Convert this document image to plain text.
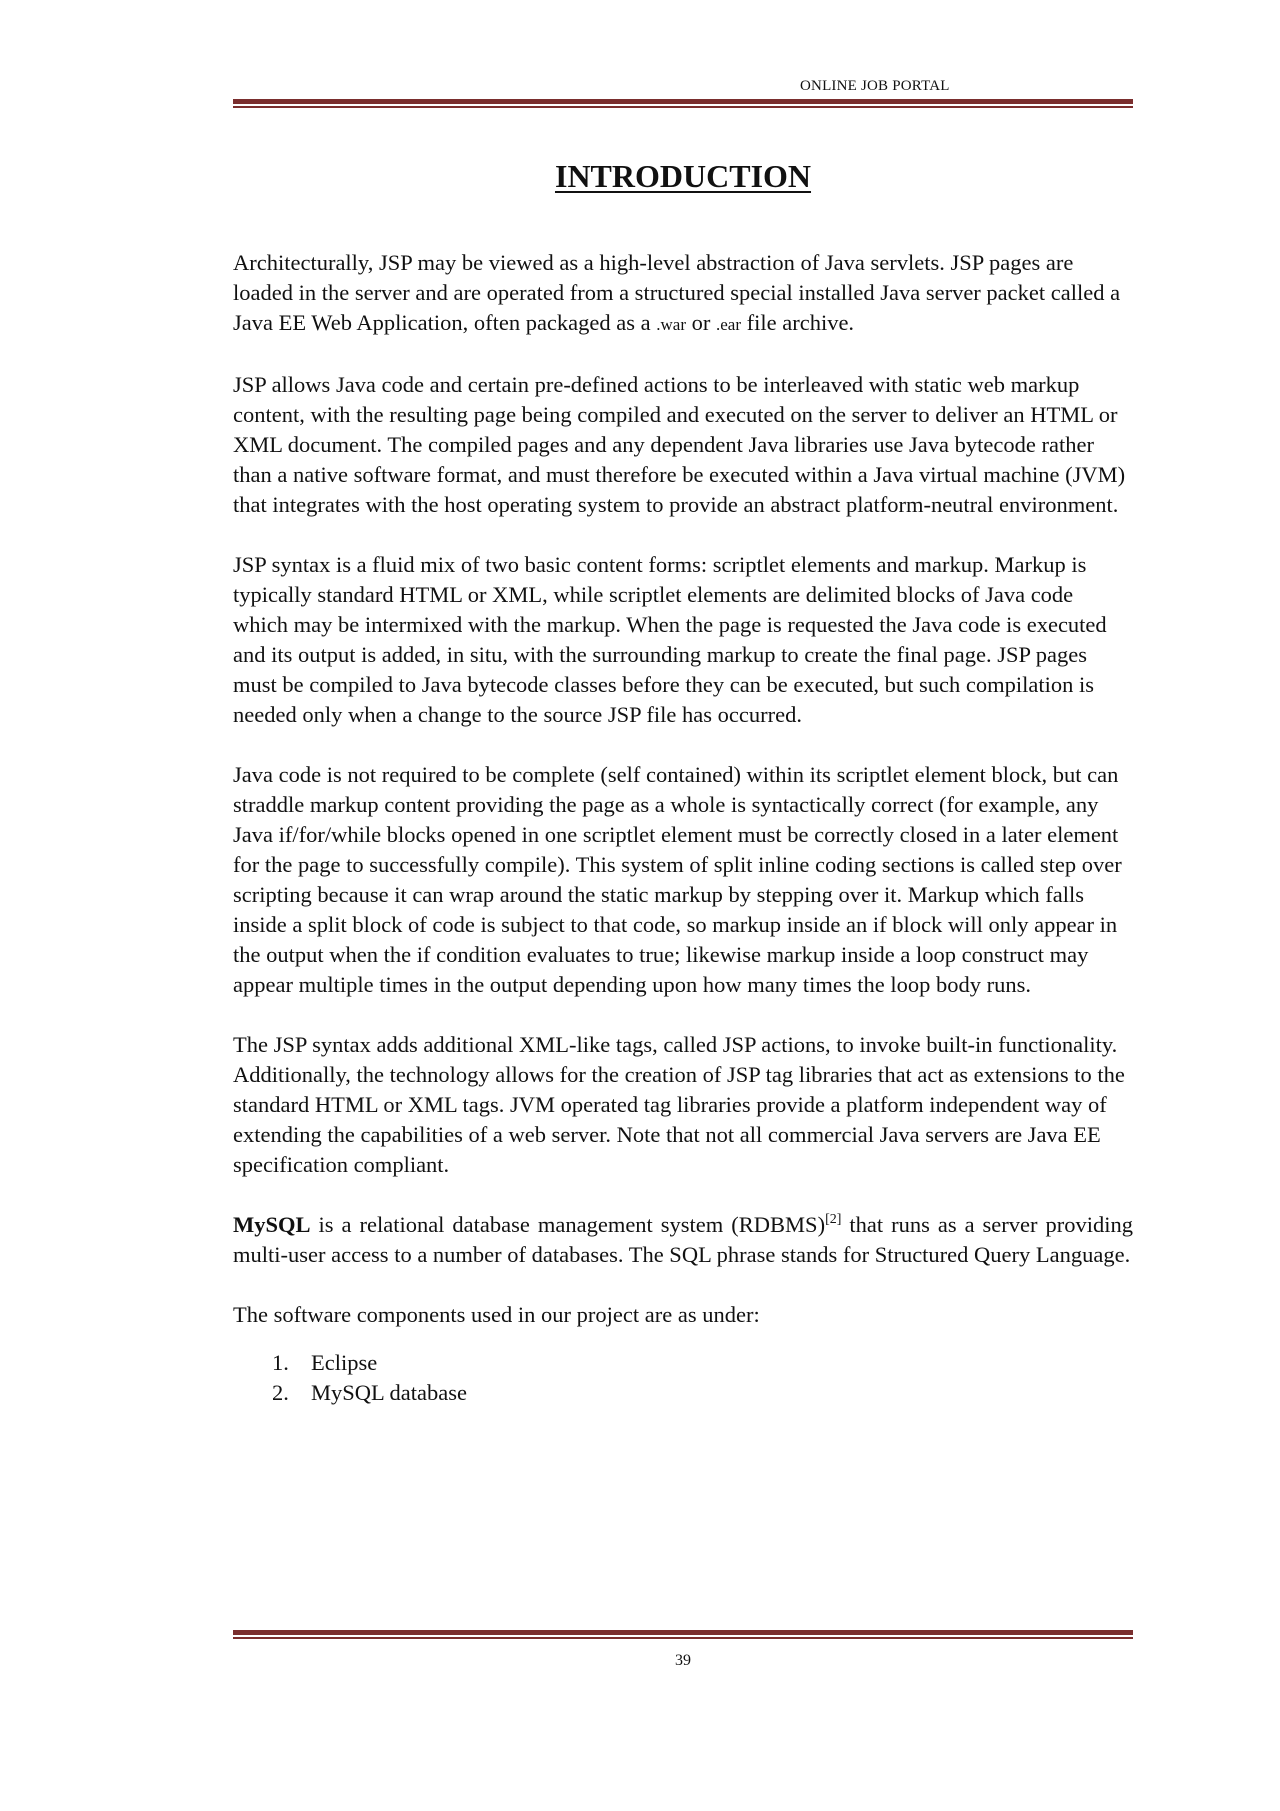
ONLINE JOB PORTAL
INTRODUCTION

Architecturally, JSP may be viewed as a high-level abstraction of Java servlets. JSP pages are loaded in the server and are operated from a structured special installed Java server packet called a Java EE Web Application, often packaged as a .war or .ear file archive.

JSP allows Java code and certain pre-defined actions to be interleaved with static web markup content, with the resulting page being compiled and executed on the server to deliver an HTML or XML document. The compiled pages and any dependent Java libraries use Java bytecode rather than a native software format, and must therefore be executed within a Java virtual machine (JVM) that integrates with the host operating system to provide an abstract platform-neutral environment.

JSP syntax is a fluid mix of two basic content forms: scriptlet elements and markup. Markup is typically standard HTML or XML, while scriptlet elements are delimited blocks of Java code which may be intermixed with the markup. When the page is requested the Java code is executed and its output is added, in situ, with the surrounding markup to create the final page. JSP pages must be compiled to Java bytecode classes before they can be executed, but such compilation is needed only when a change to the source JSP file has occurred.

Java code is not required to be complete (self contained) within its scriptlet element block, but can straddle markup content providing the page as a whole is syntactically correct (for example, any Java if/for/while blocks opened in one scriptlet element must be correctly closed in a later element for the page to successfully compile). This system of split inline coding sections is called step over scripting because it can wrap around the static markup by stepping over it. Markup which falls inside a split block of code is subject to that code, so markup inside an if block will only appear in the output when the if condition evaluates to true; likewise markup inside a loop construct may appear multiple times in the output depending upon how many times the loop body runs.

The JSP syntax adds additional XML-like tags, called JSP actions, to invoke built-in functionality. Additionally, the technology allows for the creation of JSP tag libraries that act as extensions to the standard HTML or XML tags. JVM operated tag libraries provide a platform independent way of extending the capabilities of a web server. Note that not all commercial Java servers are Java EE specification compliant.

MySQL is a relational database management system (RDBMS)[2] that runs as a server providing multi-user access to a number of databases. The SQL phrase stands for Structured Query Language.

The software components used in our project are as under:

1. Eclipse
2. MySQL database
39
